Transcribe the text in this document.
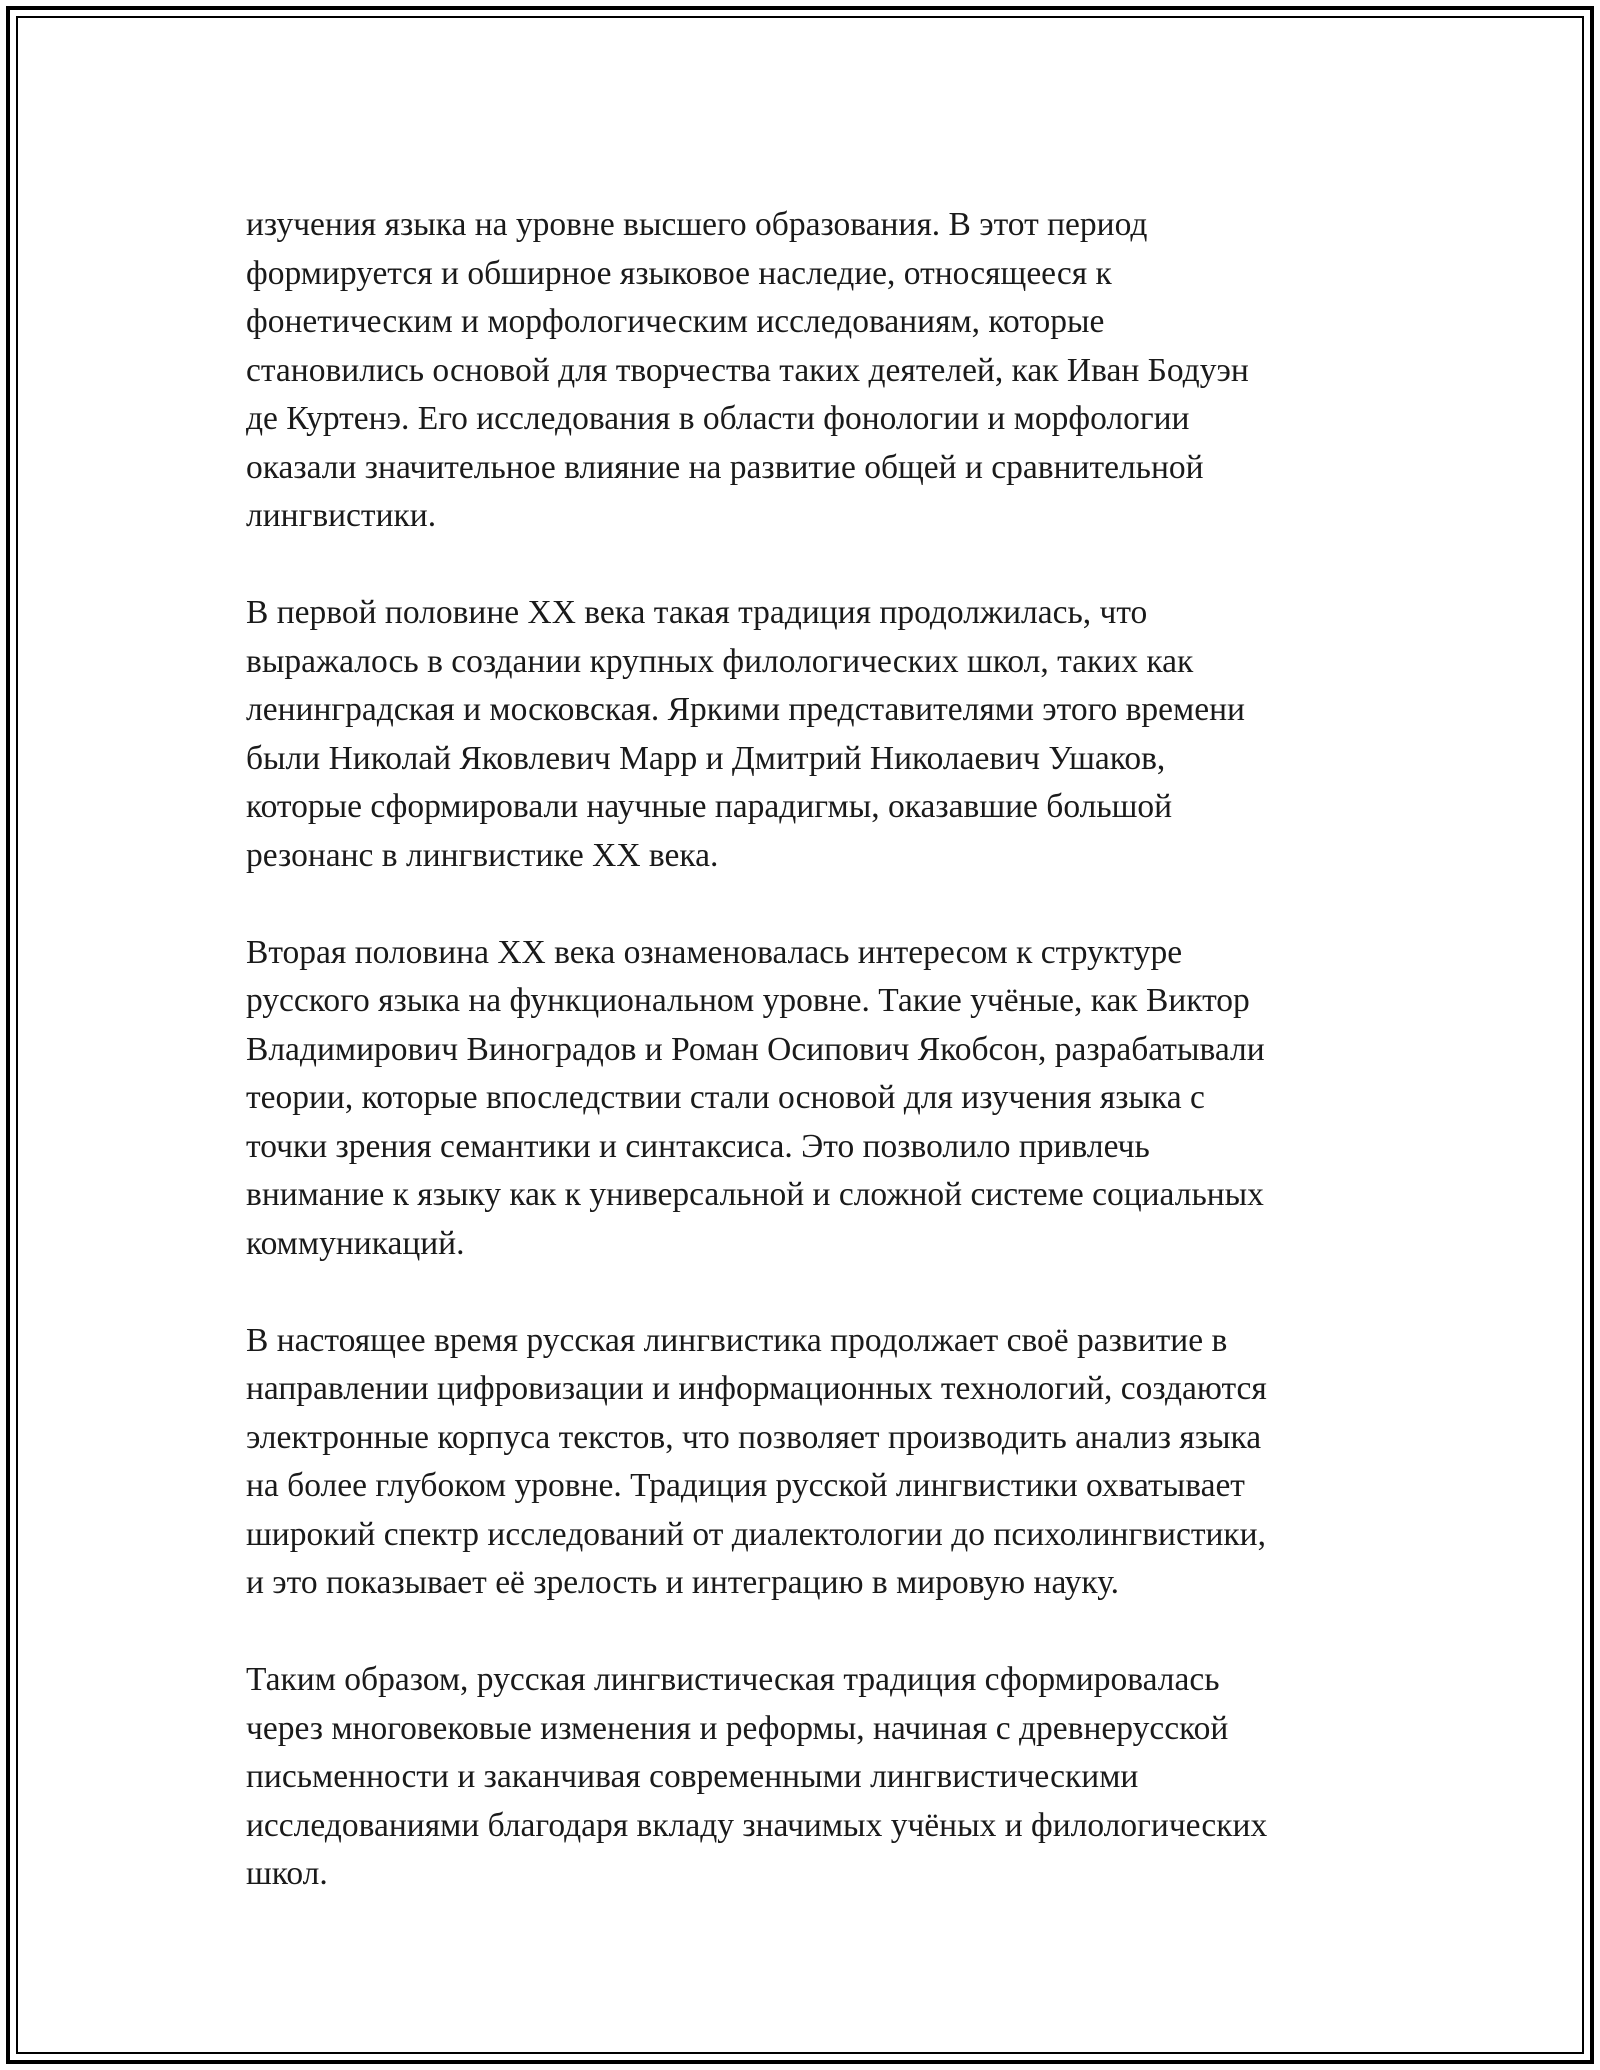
изучения языка на уровне высшего образования. В этот период
формируется и обширное языковое наследие, относящееся к
фонетическим и морфологическим исследованиям, которые
становились основой для творчества таких деятелей, как Иван Бодуэн
де Куртенэ. Его исследования в области фонологии и морфологии
оказали значительное влияние на развитие общей и сравнительной
лингвистики.

В первой половине XX века такая традиция продолжилась, что
выражалось в создании крупных филологических школ, таких как
ленинградская и московская. Яркими представителями этого времени
были Николай Яковлевич Марр и Дмитрий Николаевич Ушаков,
которые сформировали научные парадигмы, оказавшие большой
резонанс в лингвистике XX века.

Вторая половина XX века ознаменовалась интересом к структуре
русского языка на функциональном уровне. Такие учёные, как Виктор
Владимирович Виноградов и Роман Осипович Якобсон, разрабатывали
теории, которые впоследствии стали основой для изучения языка с
точки зрения семантики и синтаксиса. Это позволило привлечь
внимание к языку как к универсальной и сложной системе социальных
коммуникаций.

В настоящее время русская лингвистика продолжает своё развитие в
направлении цифровизации и информационных технологий, создаются
электронные корпуса текстов, что позволяет производить анализ языка
на более глубоком уровне. Традиция русской лингвистики охватывает
широкий спектр исследований от диалектологии до психолингвистики,
и это показывает её зрелость и интеграцию в мировую науку.

Таким образом, русская лингвистическая традиция сформировалась
через многовековые изменения и реформы, начиная с древнерусской
письменности и заканчивая современными лингвистическими
исследованиями благодаря вкладу значимых учёных и филологических
школ.
